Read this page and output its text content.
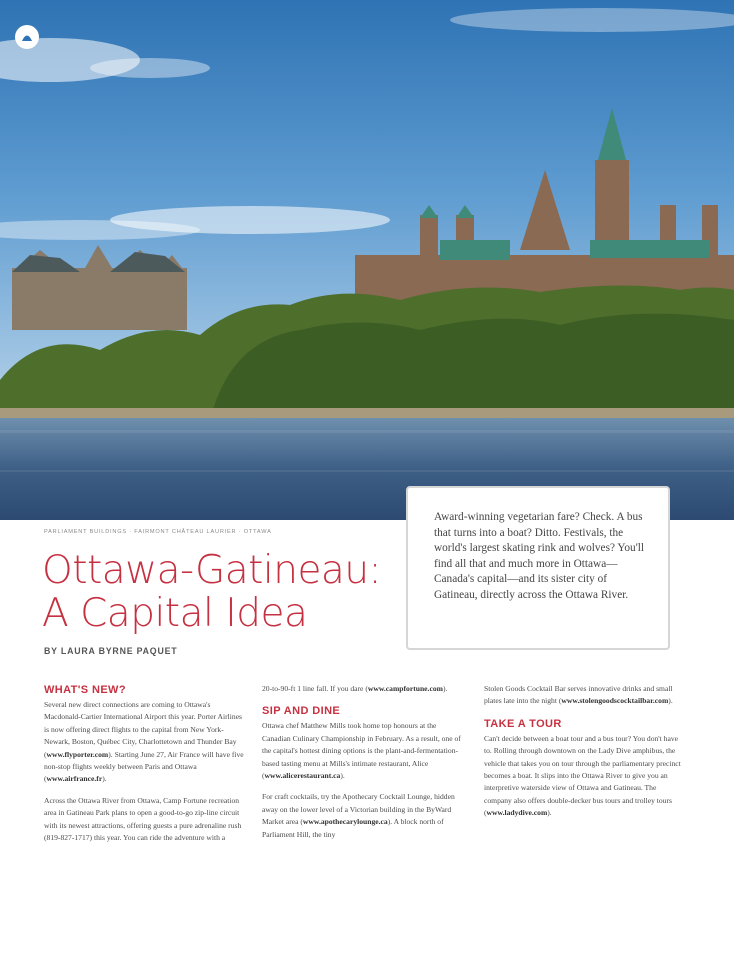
Award-winning vegetarian fare? Check. A bus that turns into a boat? Ditto. Festivals, the world's largest skating rink and wolves? You'll find all that and much more in Ottawa—Canada's capital—and its sister city of Gatineau, directly across the Ottawa River.
PARLIAMENT BUILDINGS · FAIRMONT CHÂTEAU LAURIER · OTTAWA
Ottawa-Gatineau:
A Capital Idea
BY LAURA BYRNE PAQUET
WHAT'S NEW?

Several new direct connections are coming to Ottawa's Macdonald-Cartier International Airport this year. Porter Airlines is now offering direct flights to the capital from New York-Newark, Boston, Québec City, Charlottetown and Thunder Bay (www.flyporter.com). Starting June 27, Air France will have five non-stop flights weekly between Paris and Ottawa (www.airfrance.fr).

Across the Ottawa River from Ottawa, Camp Fortune recreation area in Gatineau Park plans to open a good-to-go zip-line circuit with its newest attractions, offering guests a pure adrenaline rush (819-827-1717) this year. You can ride the adventure with a

20-to-90-ft 1 line fall. If you dare (www.campfortune.com).

SIP AND DINE

Ottawa chef Matthew Mills took home top honours at the Canadian Culinary Championship in February. As a result, one of the capital's hottest dining options is the plant-and-fermentation-based tasting menu at Mills's intimate restaurant, Alice (www.alicerestaurant.ca).

For craft cocktails, try the Apothecary Cocktail Lounge, hidden away on the lower level of a Victorian building in the ByWard Market area (www.apothecarylounge.ca). A block north of Parliament Hill, the tiny

Stolen Goods Cocktail Bar serves innovative drinks and small plates late into the night (www.stolengoodscocktailbar.com).

TAKE A TOUR

Can't decide between a boat tour and a bus tour? You don't have to. Rolling through downtown on the Lady Dive amphibus, the vehicle that takes you on tour through the parliamentary precinct becomes a boat. It slips into the Ottawa River to give you an interpretive waterside view of Ottawa and Gatineau. The company also offers double-decker bus tours and trolley tours (www.ladydive.com).
